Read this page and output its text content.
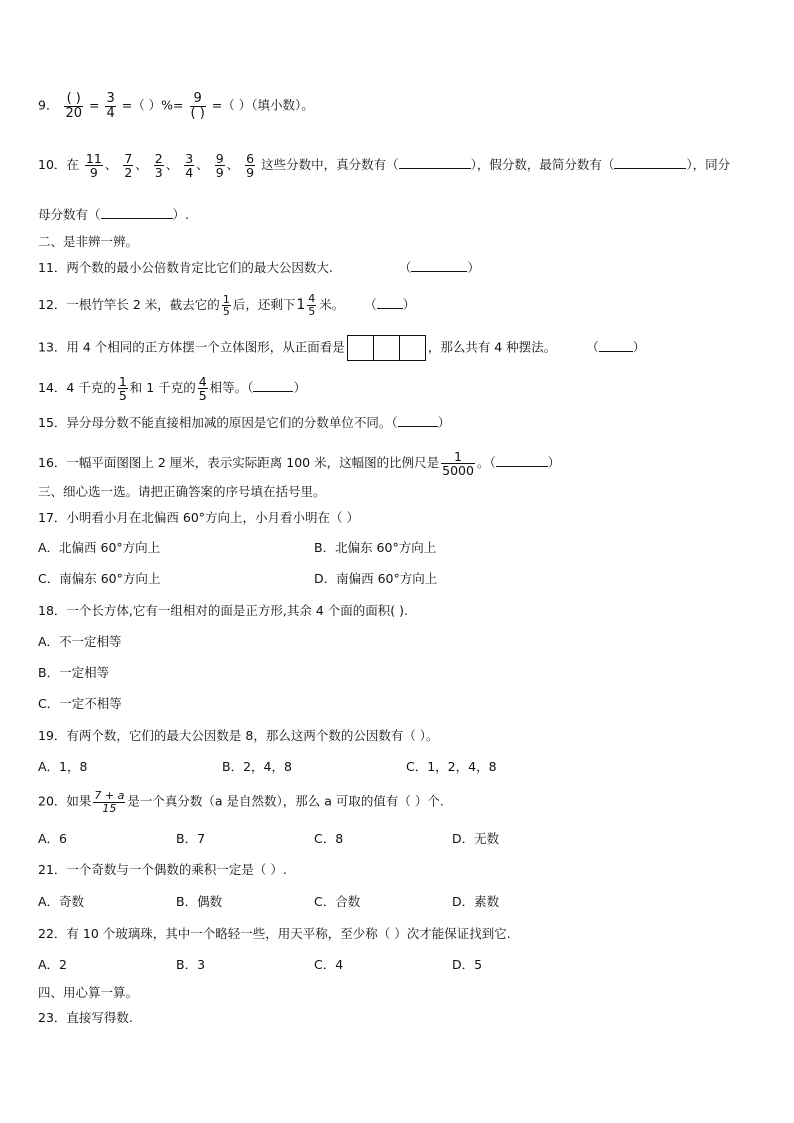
9． $\frac{( )}{20} = \frac{3}{4}$ =（ ）%= $\frac{9}{( )}$ =（ ）（填小数）。
10．在 $\frac{11}{9}$ 、 $\frac{7}{2}$ 、 $\frac{2}{3}$ 、 $\frac{3}{4}$ 、 $\frac{9}{9}$ 、 $\frac{6}{9}$ 这些分数中，真分数有（	），假分数，最简分数有（	），同分
母分数有（	）.
二、是非辨一辨。
11．两个数的最小公倍数肯定比它们的最大公因数大.	（	）
12．一根竹竿长 2 米，截去它的 $\frac{1}{5}$ 后，还剩下 $1 \frac{4}{5}$ 米。 （ ）
13．用 4 个相同的正方体摆一个立体图形，从正面看是	，那么共有 4 种摆法。 （	）
14．4 千克的 $\frac{1}{5}$ 和 1 千克的 $\frac{4}{5}$ 相等。（	）
15．异分母分数不能直接相加减的原因是它们的分数单位不同。（	）
16．一幅平面图图上 2 厘米，表示实际距离 100 米，这幅图的比例尺是 $\frac{1}{5000}$ 。（	）
三、细心选一选。请把正确答案的序号填在括号里。
17．小明看小月在北偏西 60°方向上，小月看小明在（ ）
A．北偏西 60°方向上	B．北偏东 60°方向上
C．南偏东 60°方向上	D．南偏西 60°方向上
18．一个长方体,它有一组相对的面是正方形,其余 4 个面的面积( ).
A．不一定相等
B．一定相等
C．一定不相等
19．有两个数，它们的最大公因数是 8，那么这两个数的公因数有（ ）。
A．1，8	B．2，4，8	C．1，2，4，8
20．如果 $\frac{7 + a}{15}$ 是一个真分数（a 是自然数），那么 a 可取的值有（ ）个.
A．6	B．7	C．8	D．无数
21．一个奇数与一个偶数的乘积一定是（ ）.
A．奇数	B．偶数	C．合数	D．素数
22．有 10 个玻璃珠，其中一个略轻一些，用天平称，至少称（ ）次才能保证找到它.
A．2	B．3	C．4	D．5
四、用心算一算。
23．直接写得数.
